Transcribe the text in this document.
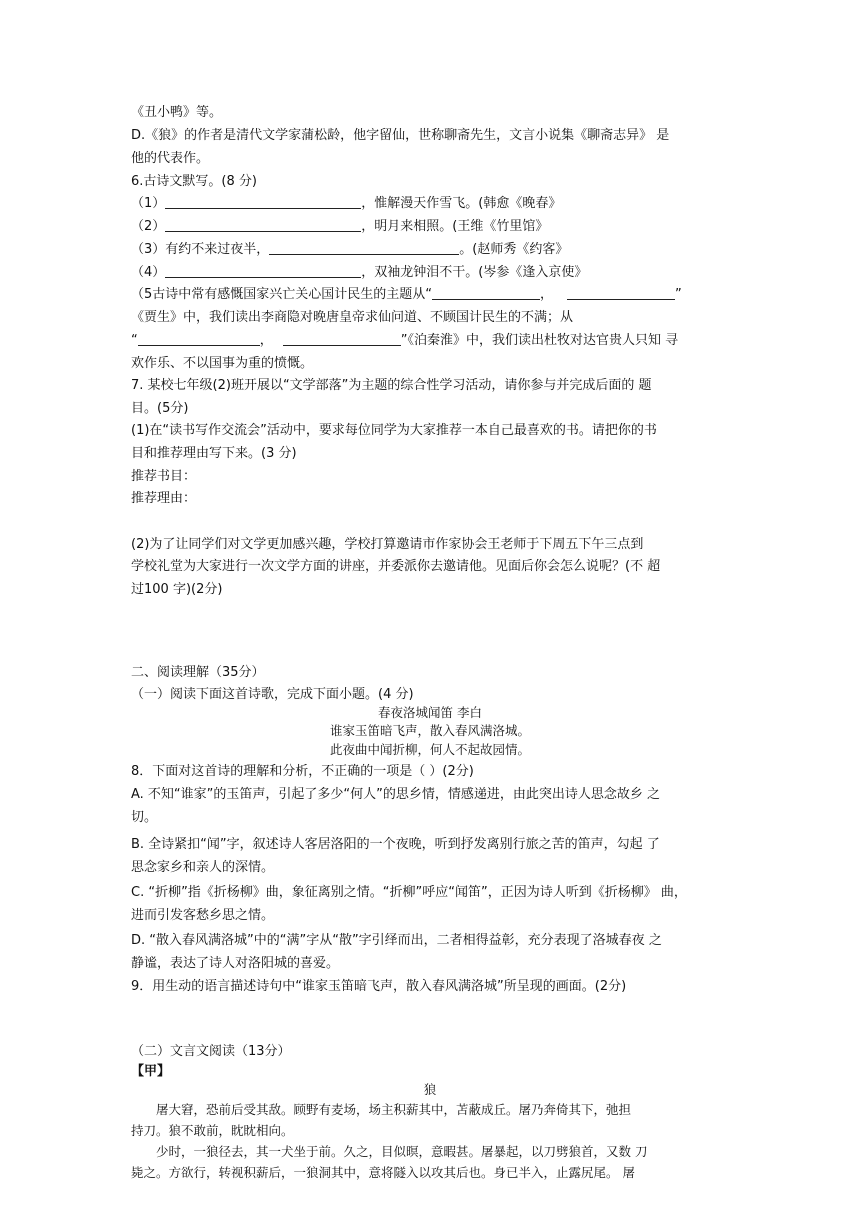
《丑小鸭》等。
D.《狼》的作者是清代文学家蒲松龄，他字留仙，世称聊斋先生，文言小说集《聊斋志异》 是
他的代表作。
6.古诗文默写。(8 分)
（1）	，惟解漫天作雪飞。(韩愈《晚春》
（2）	，明月来相照。(王维《竹里馆》
（3）有约不来过夜半，	。(赵师秀《约客》
（4）	，双袖龙钟泪不干。(岑参《逢入京使》
（5古诗中常有感慨国家兴亡关心国计民生的主题从“	，	”
《贾生》中，我们读出李商隐对晚唐皇帝求仙问道、不顾国计民生的不满；从
“	，	”《泊秦淮》中，我们读出杜牧对达官贵人只知 寻
欢作乐、不以国事为重的愤慨。
7. 某校七年级(2)班开展以“文学部落”为主题的综合性学习活动，请你参与并完成后面的 题
目。(5分)
(1)在“读书写作交流会”活动中，要求每位同学为大家推荐一本自己最喜欢的书。请把你的书
目和推荐理由写下来。(3 分)
推荐书目：
推荐理由：
(2)为了让同学们对文学更加感兴趣，学校打算邀请市作家协会王老师于下周五下午三点到
学校礼堂为大家进行一次文学方面的讲座，并委派你去邀请他。见面后你会怎么说呢？(不 超
过100 字)(2分)
二、阅读理解（35分）
（一）阅读下面这首诗歌，完成下面小题。(4 分)
春夜洛城闻笛 李白
谁家玉笛暗飞声，散入春风满洛城。
此夜曲中闻折柳，何人不起故园情。
8．下面对这首诗的理解和分析，不正确的一项是（ ）(2分)
A. 不知“谁家”的玉笛声，引起了多少“何人”的思乡情，情感递进，由此突出诗人思念故乡 之
切。
B. 全诗紧扣“闻”字，叙述诗人客居洛阳的一个夜晚，听到抒发离别行旅之苦的笛声，勾起 了
思念家乡和亲人的深情。
C. “折柳”指《折杨柳》曲，象征离别之情。“折柳”呼应“闻笛”，正因为诗人听到《折杨柳》 曲，
进而引发客愁乡思之情。
D. “散入春风满洛城”中的“满”字从“散”字引绎而出，二者相得益彰，充分表现了洛城春夜 之
静谧，表达了诗人对洛阳城的喜爱。
9．用生动的语言描述诗句中“谁家玉笛暗飞声，散入春风满洛城”所呈现的画面。(2分)
（二）文言文阅读（13分）
【甲】
狼
屠大窘，恐前后受其敌。顾野有麦场，场主积薪其中，苫蔽成丘。屠乃奔倚其下，弛担
持刀。狼不敢前，眈眈相向。
少时，一狼径去，其一犬坐于前。久之，目似暝，意暇甚。屠暴起，以刀劈狼首，又数 刀
毙之。方欲行，转视积薪后，一狼洞其中，意将隧入以攻其后也。身已半入，止露尻尾。 屠
